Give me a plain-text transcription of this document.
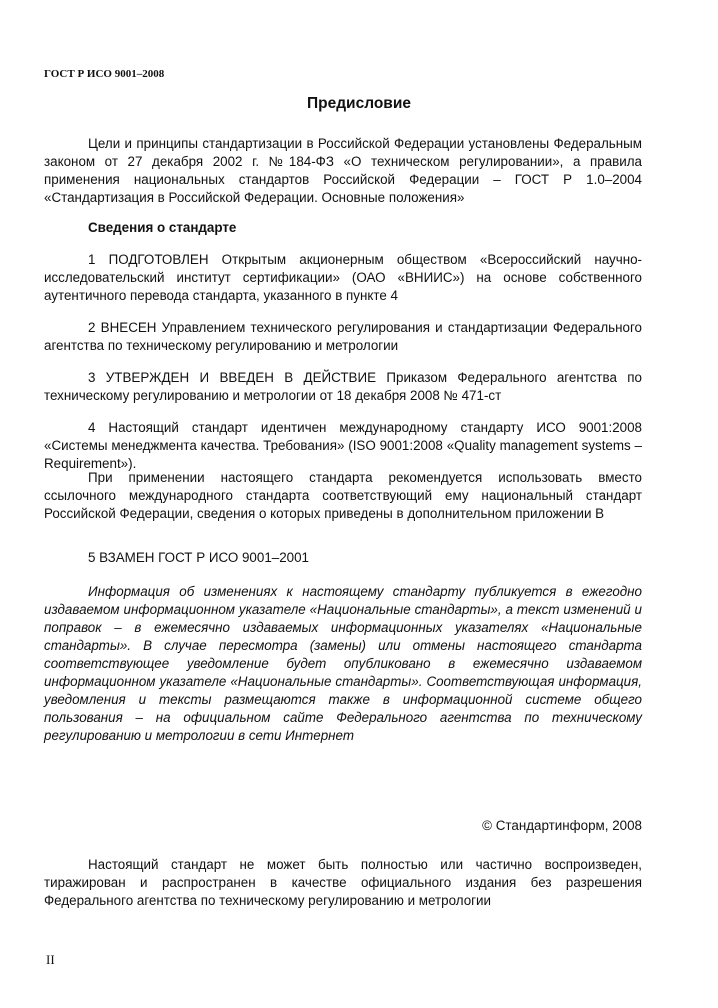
ГОСТ Р ИСО 9001–2008
Предисловие

Цели и принципы стандартизации в Российской Федерации установлены Федеральным законом от 27 декабря 2002 г. №184-ФЗ «О техническом регулировании», а правила применения национальных стандартов Российской Федерации – ГОСТ Р 1.0–2004 «Стандартизация в Российской Федерации. Основные положения»

Сведения о стандарте

1 ПОДГОТОВЛЕН Открытым акционерным обществом «Всероссийский научно-исследовательский институт сертификации» (ОАО «ВНИИС») на основе собственного аутентичного перевода стандарта, указанного в пункте 4

2 ВНЕСЕН Управлением технического регулирования и стандартизации Федерального агентства по техническому регулированию и метрологии

3 УТВЕРЖДЕН И ВВЕДЕН В ДЕЙСТВИЕ Приказом Федерального агентства по техническому регулированию и метрологии от 18 декабря 2008 № 471-ст

4 Настоящий стандарт идентичен международному стандарту ИСО 9001:2008 «Системы менеджмента качества. Требования» (ISO 9001:2008 «Quality management systems – Requirement»).

При применении настоящего стандарта рекомендуется использовать вместо ссылочного международного стандарта соответствующий ему национальный стандарт Российской Федерации, сведения о которых приведены в дополнительном приложении В

5 ВЗАМЕН ГОСТ Р ИСО 9001–2001

Информация об изменениях к настоящему стандарту публикуется в ежегодно издаваемом информационном указателе «Национальные стандарты», а текст изменений и поправок – в ежемесячно издаваемых информационных указателях «Национальные стандарты». В случае пересмотра (замены) или отмены настоящего стандарта соответствующее уведомление будет опубликовано в ежемесячно издаваемом информационном указателе «Национальные стандарты». Соответствующая информация, уведомления и тексты размещаются также в информационной системе общего пользования – на официальном сайте Федерального агентства по техническому регулированию и метрологии в сети Интернет

© Стандартинформ, 2008

Настоящий стандарт не может быть полностью или частично воспроизведен, тиражирован и распространен в качестве официального издания без разрешения Федерального агентства по техническому регулированию и метрологии

II
